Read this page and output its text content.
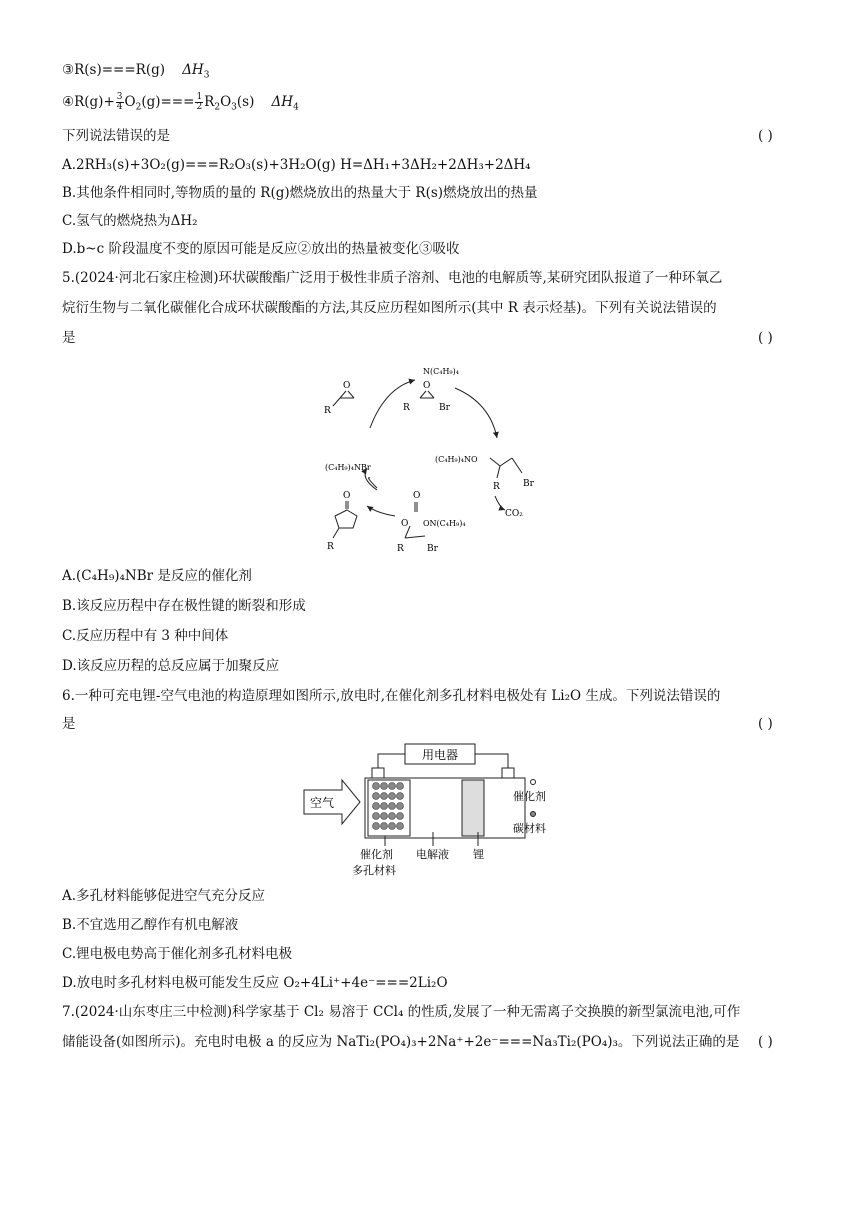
③R(s)===R(g) $\Delta H_3$
④R(g)+ $\frac{3}{4} O_2(g)=== \frac{1}{2} R_2O_3(s)$ $\Delta H_4$
下列说法错误的是	( )
A.2RH₃(s)+3O₂(g)===R₂O₃(s)+3H₂O(g) H=ΔH₁+3ΔH₂+2ΔH₃+2ΔH₄
B.其他条件相同时,等物质的量的 R(g)燃烧放出的热量大于 R(s)燃烧放出的热量
C.氢气的燃烧热为ΔH₂
D.b~c 阶段温度不变的原因可能是反应②放出的热量被变化③吸收
5.(2024·河北石家庄检测)环状碳酸酯广泛用于极性非质子溶剂、电池的电解质等,某研究团队报道了一种环氧乙
烷衍生物与二氧化碳催化合成环状碳酸酯的方法,其反应历程如图所示(其中 R 表示烃基)。下列有关说法错误的
是	( )
O
R
N(C₄H₉)₄
O
R	Br
(C₄H₉)₄NO
Br
R
CO₂
O
O ON(C₄H₉)₄
R	Br
(C₄H₉)₄NBr
O
R
A.(C₄H₉)₄NBr 是反应的催化剂
B.该反应历程中存在极性键的断裂和形成
C.反应历程中有 3 种中间体
D.该反应历程的总反应属于加聚反应
6.一种可充电锂-空气电池的构造原理如图所示,放电时,在催化剂多孔材料电极处有 Li₂O 生成。下列说法错误的
是	( )
用电器
空气	催化剂
碳材料
催化剂 电解液 锂
多孔材料
A.多孔材料能够促进空气充分反应
B.不宜选用乙醇作有机电解液
C.锂电极电势高于催化剂多孔材料电极
D.放电时多孔材料电极可能发生反应 O₂+4Li⁺+4e⁻===2Li₂O
7.(2024·山东枣庄三中检测)科学家基于 Cl₂ 易溶于 CCl₄ 的性质,发展了一种无需离子交换膜的新型氯流电池,可作
储能设备(如图所示)。充电时电极 a 的反应为 NaTi₂(PO₄)₃+2Na⁺+2e⁻===Na₃Ti₂(PO₄)₃。下列说法正确的是 ( )
